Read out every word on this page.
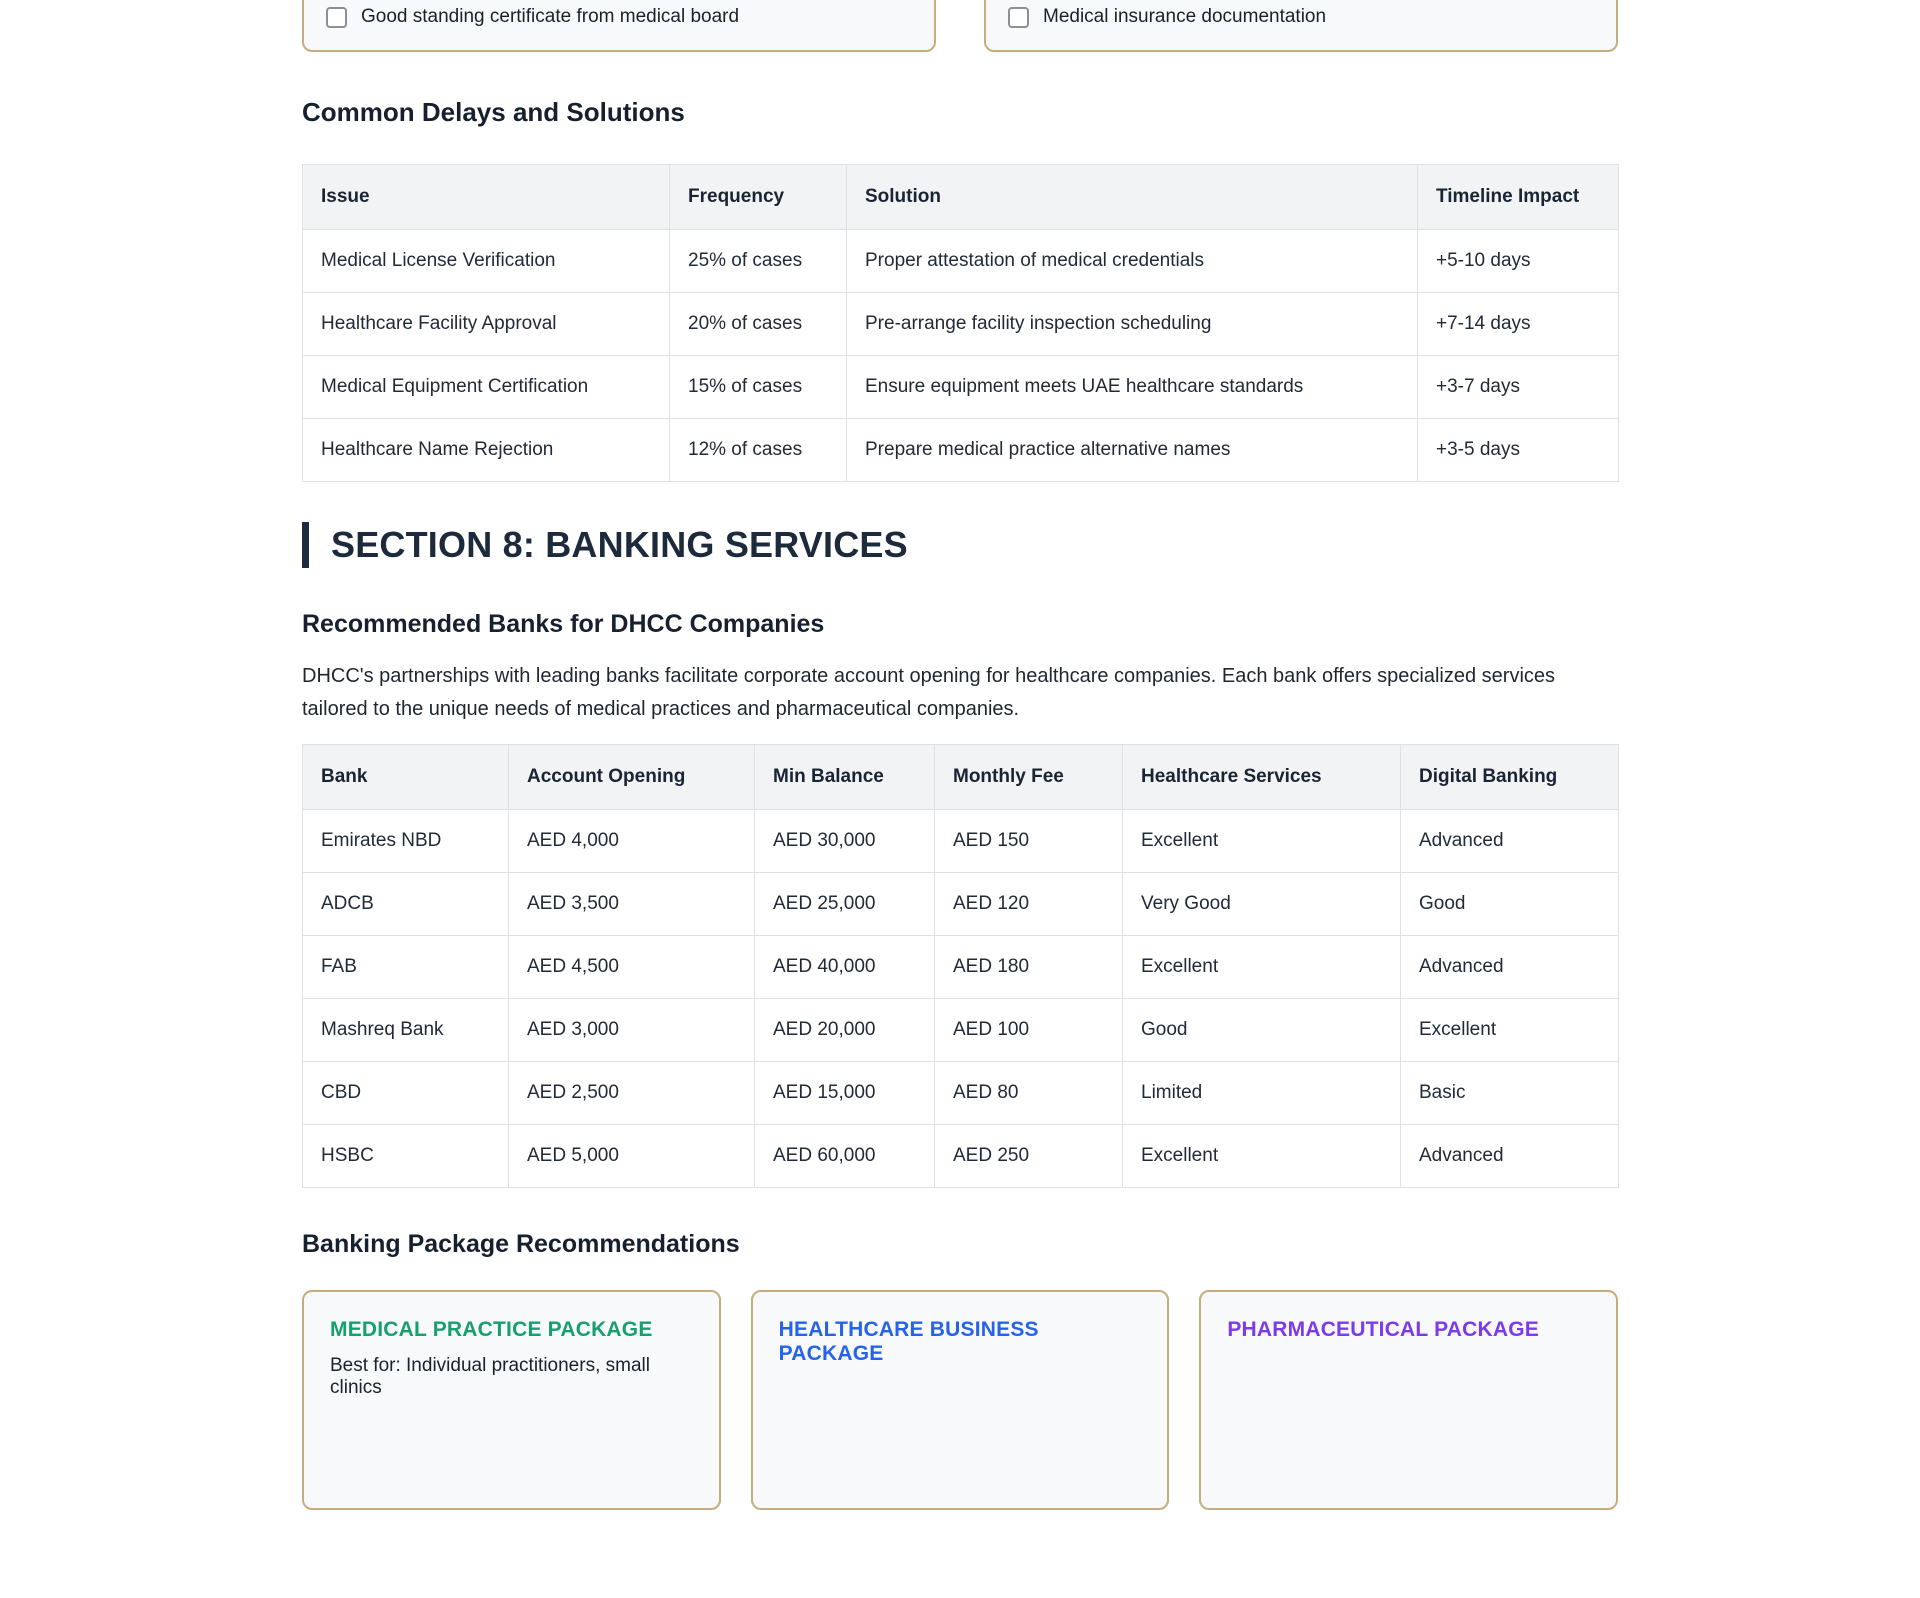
Good standing certificate from medical board	Medical insurance documentation
Common Delays and Solutions
Issue	Frequency	Solution	Timeline Impact
Medical License Verification	25% of cases	Proper attestation of medical credentials	+5-10 days
Healthcare Facility Approval	20% of cases	Pre-arrange facility inspection scheduling	+7-14 days
Medical Equipment Certification	15% of cases	Ensure equipment meets UAE healthcare standards	+3-7 days
Healthcare Name Rejection	12% of cases	Prepare medical practice alternative names	+3-5 days
SECTION 8: BANKING SERVICES
Recommended Banks for DHCC Companies

DHCC's partnerships with leading banks facilitate corporate account opening for healthcare companies. Each bank offers specialized services tailored to the unique needs of medical practices and pharmaceutical companies.

Bank	Account Opening	Min Balance	Monthly Fee	Healthcare Services	Digital Banking
Emirates NBD	AED 4,000	AED 30,000	AED 150	Excellent	Advanced
ADCB	AED 3,500	AED 25,000	AED 120	Very Good	Good
FAB	AED 4,500	AED 40,000	AED 180	Excellent	Advanced
Mashreq Bank	AED 3,000	AED 20,000	AED 100	Good	Excellent
CBD	AED 2,500	AED 15,000	AED 80	Limited	Basic
HSBC	AED 5,000	AED 60,000	AED 250	Excellent	Advanced
Banking Package Recommendations
MEDICAL PRACTICE PACKAGE
Best for: Individual practitioners, small clinics
HEALTHCARE BUSINESS PACKAGE
PHARMACEUTICAL PACKAGE
